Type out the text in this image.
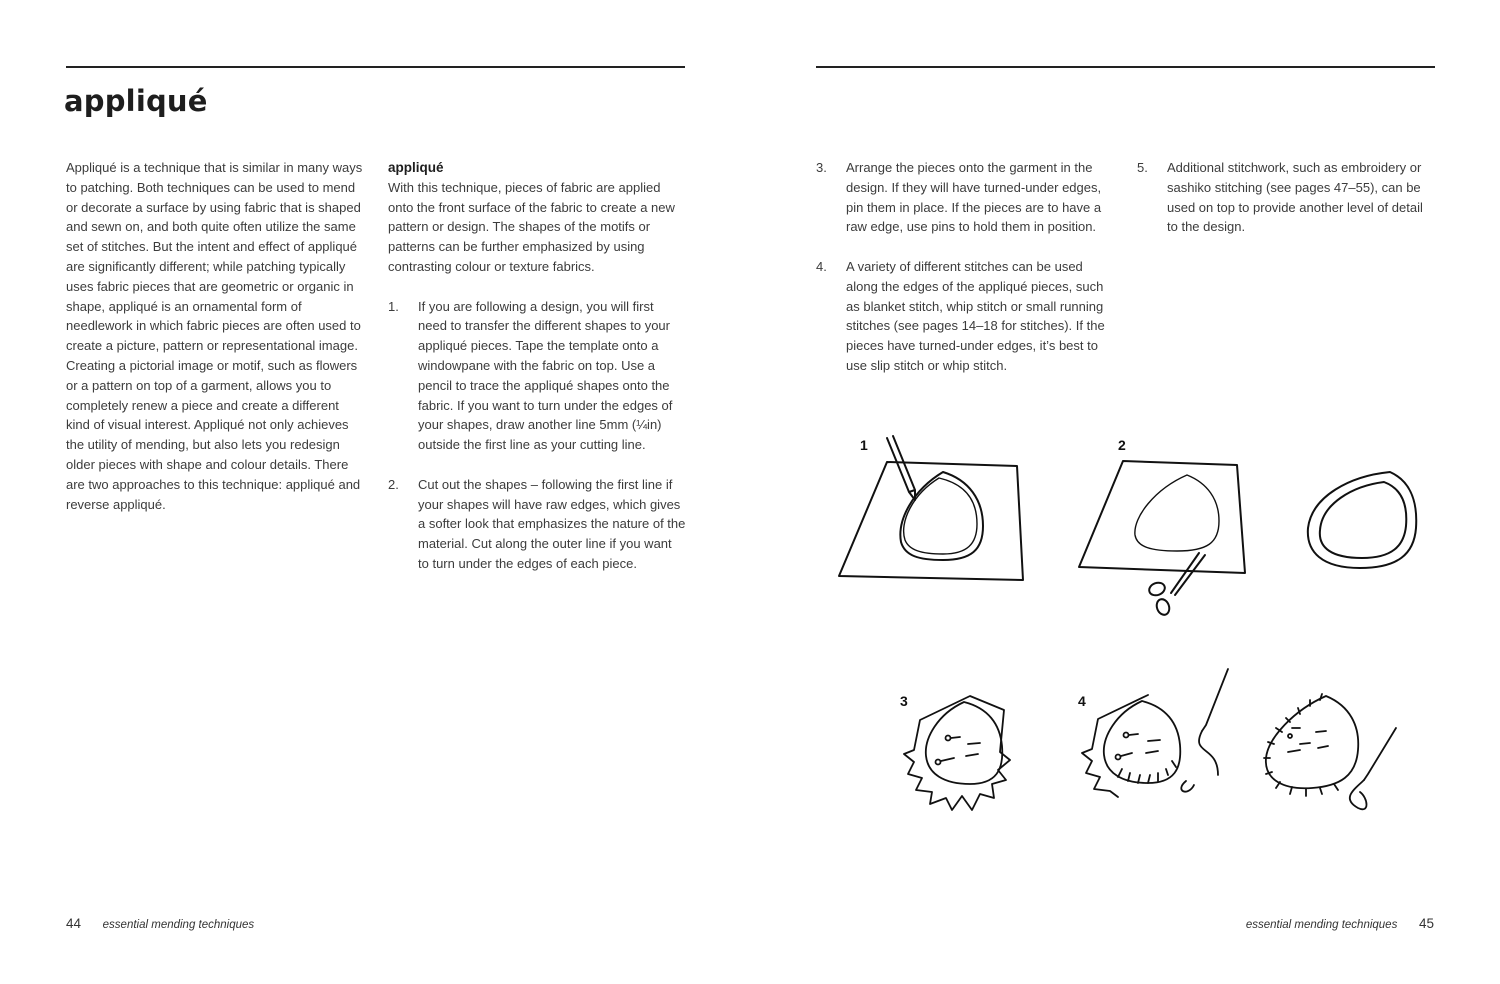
appliqué

Appliqué is a technique that is similar in many ways to patching. Both techniques can be used to mend or decorate a surface by using fabric that is shaped and sewn on, and both quite often utilize the same set of stitches. But the intent and effect of appliqué are significantly different; while patching typically uses fabric pieces that are geometric or organic in shape, appliqué is an ornamental form of needlework in which fabric pieces are often used to create a picture, pattern or representational image. Creating a pictorial image or motif, such as flowers or a pattern on top of a garment, allows you to completely renew a piece and create a different kind of visual interest. Appliqué not only achieves the utility of mending, but also lets you redesign older pieces with shape and colour details. There are two approaches to this technique: appliqué and reverse appliqué.

appliqué

With this technique, pieces of fabric are applied onto the front surface of the fabric to create a new pattern or design. The shapes of the motifs or patterns can be further emphasized by using contrasting colour or texture fabrics.

1. If you are following a design, you will first need to transfer the different shapes to your appliqué pieces. Tape the template onto a windowpane with the fabric on top. Use a pencil to trace the appliqué shapes onto the fabric. If you want to turn under the edges of your shapes, draw another line 5mm (¼in) outside the first line as your cutting line.
2. Cut out the shapes – following the first line if your shapes will have raw edges, which gives a softer look that emphasizes the nature of the material. Cut along the outer line if you want to turn under the edges of each piece.
3. Arrange the pieces onto the garment in the design. If they will have turned-under edges, pin them in place. If the pieces are to have a raw edge, use pins to hold them in position.
4. A variety of different stitches can be used along the edges of the appliqué pieces, such as blanket stitch, whip stitch or small running stitches (see pages 14–18 for stitches). If the pieces have turned-under edges, it’s best to use slip stitch or whip stitch.
5. Additional stitchwork, such as embroidery or sashiko stitching (see pages 47–55), can be used on top to provide another level of detail to the design.
1	2
3	4
44 essential mending techniques	essential mending techniques 45
